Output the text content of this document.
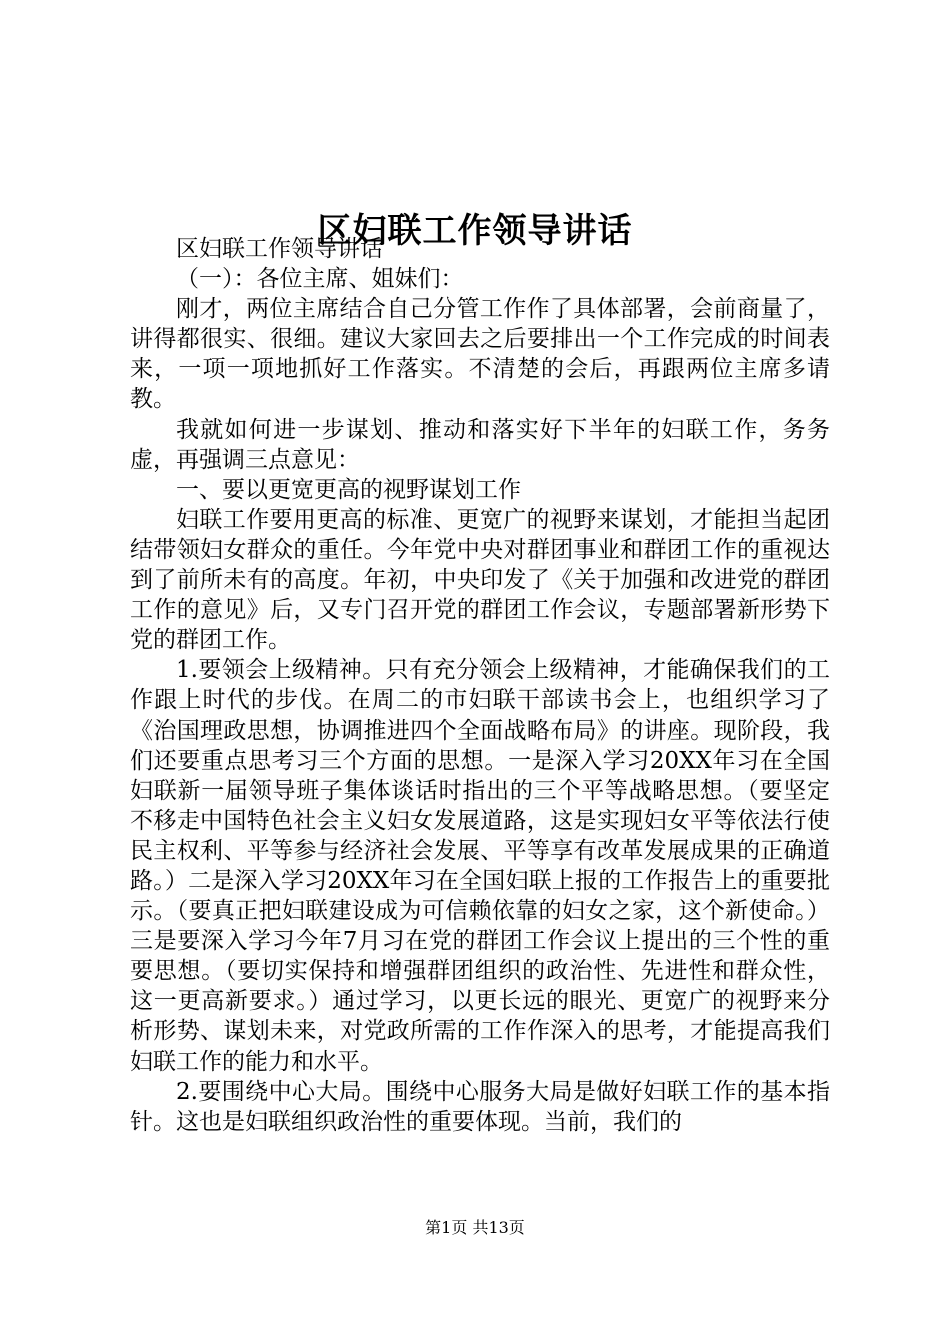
区妇联工作领导讲话

区妇联工作领导讲话

（一）：各位主席、姐妹们：

刚才，两位主席结合自己分管工作作了具体部署，会前商量了，讲得都很实、很细。建议大家回去之后要排出一个工作完成的时间表来，一项一项地抓好工作落实。不清楚的会后，再跟两位主席多请教。

我就如何进一步谋划、推动和落实好下半年的妇联工作，务务虚，再强调三点意见：

一、要以更宽更高的视野谋划工作

妇联工作要用更高的标准、更宽广的视野来谋划，才能担当起团结带领妇女群众的重任。今年党中央对群团事业和群团工作的重视达到了前所未有的高度。年初，中央印发了《关于加强和改进党的群团工作的意见》后，又专门召开党的群团工作会议，专题部署新形势下党的群团工作。

1.要领会上级精神。只有充分领会上级精神，才能确保我们的工作跟上时代的步伐。在周二的市妇联干部读书会上，也组织学习了《治国理政思想，协调推进四个全面战略布局》的讲座。现阶段，我们还要重点思考习三个方面的思想。一是深入学习20XX年习在全国妇联新一届领导班子集体谈话时指出的三个平等战略思想。（要坚定不移走中国特色社会主义妇女发展道路，这是实现妇女平等依法行使民主权利、平等参与经济社会发展、平等享有改革发展成果的正确道路。）二是深入学习20XX年习在全国妇联上报的工作报告上的重要批示。（要真正把妇联建设成为可信赖依靠的妇女之家，这个新使命。）三是要深入学习今年7月习在党的群团工作会议上提出的三个性的重要思想。（要切实保持和增强群团组织的政治性、先进性和群众性，这一更高新要求。）通过学习，以更长远的眼光、更宽广的视野来分析形势、谋划未来，对党政所需的工作作深入的思考，才能提高我们妇联工作的能力和水平。

2.要围绕中心大局。围绕中心服务大局是做好妇联工作的基本指针。这也是妇联组织政治性的重要体现。当前，我们的

第1页 共13页
